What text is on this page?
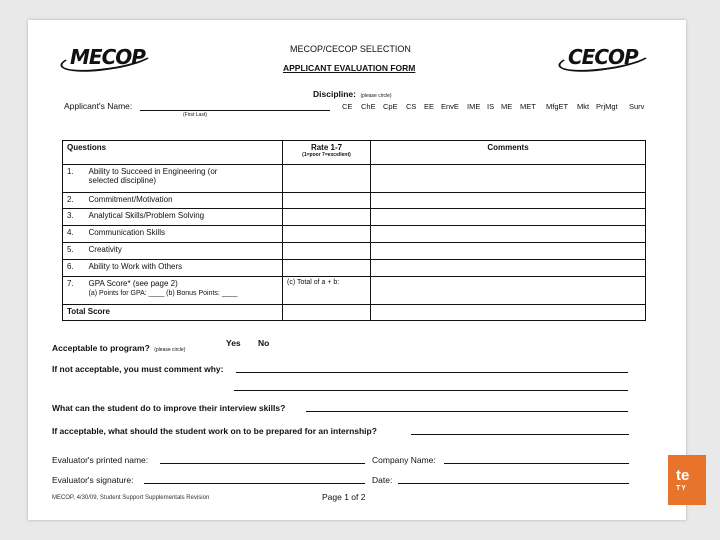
MECOP	CECOP
MECOP/CECOP SELECTION
APPLICANT EVALUATION FORM
Discipline: (please circle)
Applicant's Name:
(First Last)
CE ChE CpE CS EE EnvE IME IS ME MET MfgET Mkt PrjMgt Surv
Questions		Rate 1-7
(1=poor 7=excellent)	Comments
1.	Ability to Succeed in Engineering (or
selected discipline)		
2.	Commitment/Motivation		
3.	Analytical Skills/Problem Solving		
4.	Communication Skills		
5.	Creativity		
6.	Ability to Work with Others		
7.	GPA Score* (see page 2)
(a) Points for GPA: ____ (b) Bonus Points: ____	(c) Total of a + b:	
Total Score			
Acceptable to program? (please circle)
Yes No
If not acceptable, you must comment why:
What can the student do to improve their interview skills?
If acceptable, what should the student work on to be prepared for an internship?
Evaluator's printed name:	Company Name:
Evaluator's signature:	Date:
MECOP, 4/30/09, Student Support Supplementals Revision	Page 1 of 2
te
TY
